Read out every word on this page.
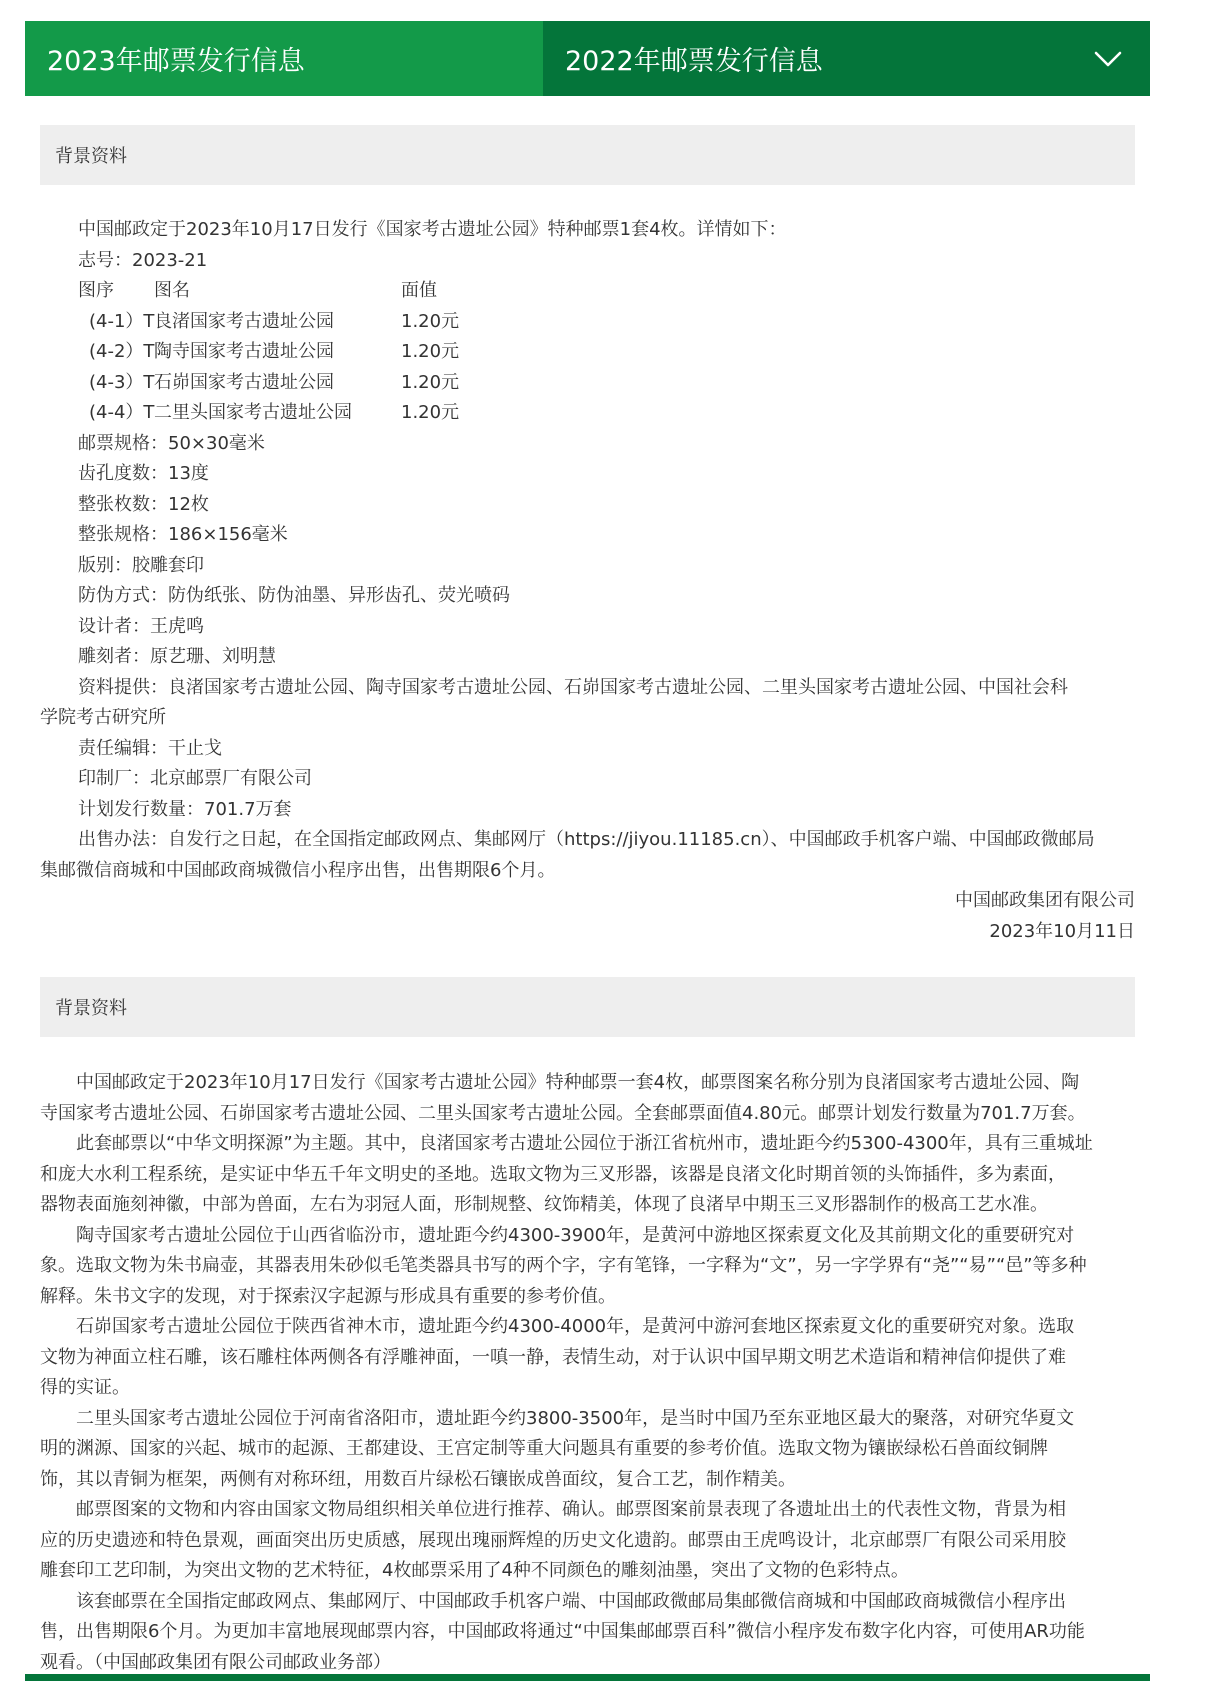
2023年邮票发行信息	2022年邮票发行信息
背景资料
中国邮政定于2023年10月17日发行《国家考古遗址公园》特种邮票1套4枚。详情如下：
志号：2023-21
图序	图名	面值
(4-1）T 良渚国家考古遗址公园	1.20元
(4-2）T 陶寺国家考古遗址公园	1.20元
(4-3）T 石峁国家考古遗址公园	1.20元
(4-4）T 二里头国家考古遗址公园	1.20元
邮票规格：50×30毫米
齿孔度数：13度
整张枚数：12枚
整张规格：186×156毫米
版别：胶雕套印
防伪方式：防伪纸张、防伪油墨、异形齿孔、荧光喷码
设计者：王虎鸣
雕刻者：原艺珊、刘明慧
资料提供：良渚国家考古遗址公园、陶寺国家考古遗址公园、石峁国家考古遗址公园、二里头国家考古遗址公园、中国社会科
学院考古研究所
责任编辑：干止戈
印制厂：北京邮票厂有限公司
计划发行数量：701.7万套
出售办法：自发行之日起，在全国指定邮政网点、集邮网厅（https://jiyou.11185.cn）、中国邮政手机客户端、中国邮政微邮局
集邮微信商城和中国邮政商城微信小程序出售，出售期限6个月。
中国邮政集团有限公司
2023年10月11日
背景资料
　　中国邮政定于2023年10月17日发行《国家考古遗址公园》特种邮票一套4枚，邮票图案名称分别为良渚国家考古遗址公园、陶
寺国家考古遗址公园、石峁国家考古遗址公园、二里头国家考古遗址公园。全套邮票面值4.80元。邮票计划发行数量为701.7万套。
　　此套邮票以“中华文明探源”为主题。其中，良渚国家考古遗址公园位于浙江省杭州市，遗址距今约5300-4300年，具有三重城址
和庞大水利工程系统，是实证中华五千年文明史的圣地。选取文物为三叉形器，该器是良渚文化时期首领的头饰插件，多为素面，
器物表面施刻神徽，中部为兽面，左右为羽冠人面，形制规整、纹饰精美，体现了良渚早中期玉三叉形器制作的极高工艺水准。
　　陶寺国家考古遗址公园位于山西省临汾市，遗址距今约4300-3900年，是黄河中游地区探索夏文化及其前期文化的重要研究对
象。选取文物为朱书扁壶，其器表用朱砂似毛笔类器具书写的两个字，字有笔锋，一字释为“文”，另一字学界有“尧”“易”“邑”等多种
解释。朱书文字的发现，对于探索汉字起源与形成具有重要的参考价值。
　　石峁国家考古遗址公园位于陕西省神木市，遗址距今约4300-4000年，是黄河中游河套地区探索夏文化的重要研究对象。选取
文物为神面立柱石雕，该石雕柱体两侧各有浮雕神面，一嗔一静，表情生动，对于认识中国早期文明艺术造诣和精神信仰提供了难
得的实证。
　　二里头国家考古遗址公园位于河南省洛阳市，遗址距今约3800-3500年，是当时中国乃至东亚地区最大的聚落，对研究华夏文
明的渊源、国家的兴起、城市的起源、王都建设、王宫定制等重大问题具有重要的参考价值。选取文物为镶嵌绿松石兽面纹铜牌
饰，其以青铜为框架，两侧有对称环纽，用数百片绿松石镶嵌成兽面纹，复合工艺，制作精美。
　　邮票图案的文物和内容由国家文物局组织相关单位进行推荐、确认。邮票图案前景表现了各遗址出土的代表性文物，背景为相
应的历史遗迹和特色景观，画面突出历史质感，展现出瑰丽辉煌的历史文化遗韵。邮票由王虎鸣设计，北京邮票厂有限公司采用胶
雕套印工艺印制，为突出文物的艺术特征，4枚邮票采用了4种不同颜色的雕刻油墨，突出了文物的色彩特点。
　　该套邮票在全国指定邮政网点、集邮网厅、中国邮政手机客户端、中国邮政微邮局集邮微信商城和中国邮政商城微信小程序出
售，出售期限6个月。为更加丰富地展现邮票内容，中国邮政将通过“中国集邮邮票百科”微信小程序发布数字化内容，可使用AR功能
观看。（中国邮政集团有限公司邮政业务部）
